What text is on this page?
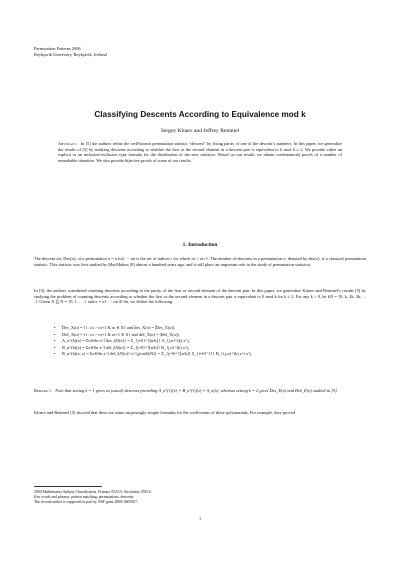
Permutation Patterns 2006
Reykjavík University, Reykjavík, Iceland
Classifying Descents According to Equivalence mod k
Sergey Kitaev and Jeffrey Remmel
Abstract. In [5] the authors refine the well-known permutation statistic “descent” by fixing parity of one of the descent’s numbers. In this paper, we generalize the results of [5] by studying descents according to whether the first or the second element in a descent pair is equivalent to k mod k ≥ 2. We provide either an explicit or an inclusion-exclusion type formula for the distribution of the new statistics. Based on our results we obtain combinatorial proofs of a number of remarkable identities. We also provide bijective proofs of some of our results.
1. Introduction
The descent set, Des(σ), of a permutation σ = σ1σ2 ··· σn is the set of indices i for which σi > σi+1. The number of descents in a permutation σ, denoted by des(σ), is a classical permutation statistic. This statistic was first studied by MacMahon [8] almost a hundred years ago, and it still plays an important role in the study of permutation statistics.
In [5], the authors considered counting descents according to the parity of the first or second element of the descent pair. In this paper, we generalize Kitaev and Remmel’s results [5] by studying the problem of counting descents according to whether the first or the second element in a descent pair is equivalent to 0 mod k for k ≥ 2. For any k > 0, let kN = {0, k, 2k, 3k, . . .}. Given X ⊆ N = {0, 1, . . .} and σ = σ1 ··· σn ∈ Sn, we define the following:
• ̅Des_X(σ) = {i : σi > σi+1 & σi ∈ X} and ̅des_X(σ) = |̅Des_X(σ)|;
• Des̅_X(σ) = {i : σi > σi+1 & σi+1 ∈ X} and des̅_X(σ) = |Des̅_X(σ)|;
• A_n^(k)(x) = Σσ∈Sn x^{̅des_kN(σ)} = Σ_{j=0}^{⌊n/k⌋} A_{j,n}^(k) x^j,
• B_n^(k)(x) = Σσ∈Sn x^{des̅_kN(σ)} = Σ_{j=0}^{⌊n/k⌋} B_{j,n}^(k) x^j,
• B_n^(k)(x, z) = Σσ∈Sn x^{des̅_kN(σ)} z^{χ(σn∈kN)} = Σ_{j=0}^{⌊n/k⌋} Σ_{i=0}^{1} B_{i,j,n}^(k) z^i x^j.
Remark 1. Note that setting k = 1 gives us (usual) descents providing A_n^(1)(x) = B_n^(1)(x) = A_n(x), whereas setting k = 2 gives ̅Des_E(σ) and Des̅_E(σ) studied in [5].
Kitaev and Remmel [5] showed that there are some surprisingly simple formulas for the coefficients of these polynomials. For example, they proved
2000 Mathematics Subject Classification. Primary 05A15; Secondary 05E10.
Key words and phrases. pattern matching, permutations, descents.
The second author is supported in part by NSF grant DMS 0400507.
1
